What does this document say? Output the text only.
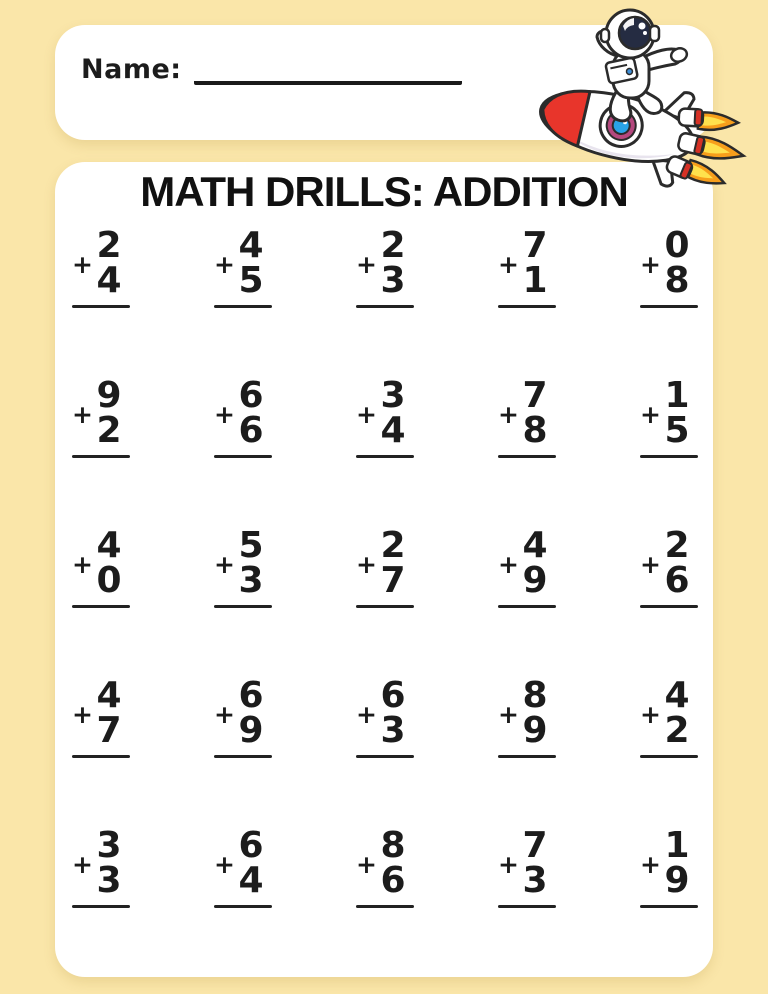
Name:
MATH DRILLS: ADDITION
2
+ 4
4
+ 5
2
+ 3
7
+ 1
0
+ 8
9
+ 2
6
+ 6
3
+ 4
7
+ 8
1
+ 5
4
+ 0
5
+ 3
2
+ 7
4
+ 9
2
+ 6
4
+ 7
6
+ 9
6
+ 3
8
+ 9
4
+ 2
3
+ 3
6
+ 4
8
+ 6
7
+ 3
1
+ 9
